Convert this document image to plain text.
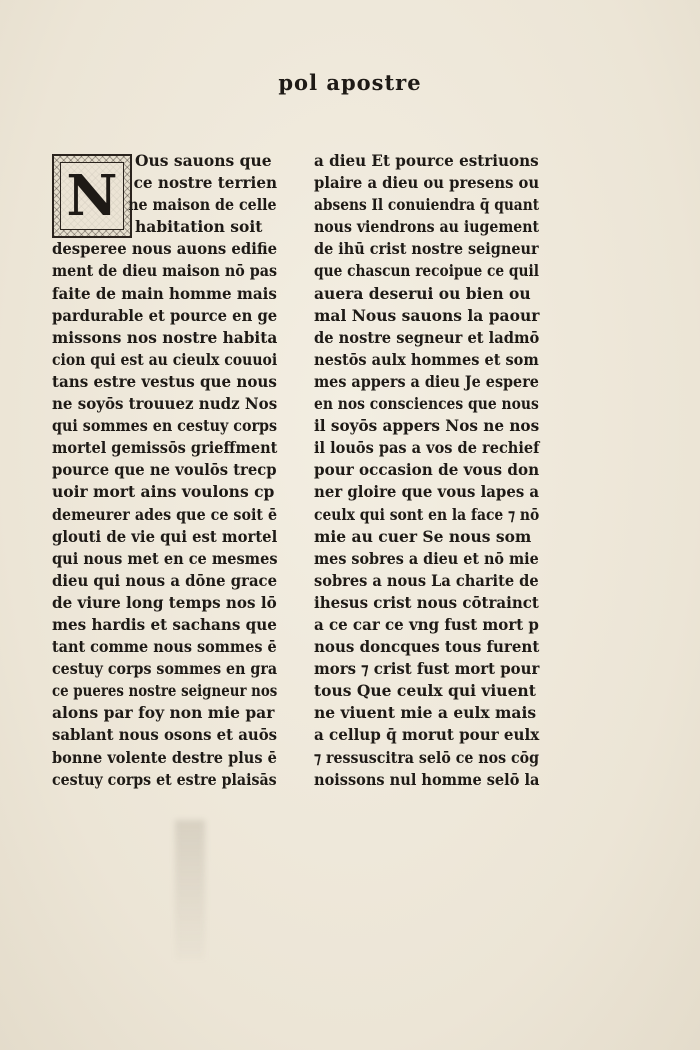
pol apostre
N
Ous sauons que
ce nostre terrien
ne maison de celle
habitation soit
desperee nous auons edifie
ment de dieu maison nō pas
faite de main homme mais
pardurable et pource en ge
missons nos nostre habita
cion qui est au cieulx couuoi
tans estre vestus que nous
ne soyōs trouuez nudz Nos
qui sommes en cestuy corps
mortel gemissōs grieffment
pource que ne voulōs trecp
uoir mort ains voulons cp
demeurer ades que ce soit ē
glouti de vie qui est mortel
qui nous met en ce mesmes
dieu qui nous a dōne grace
de viure long temps nos lō
mes hardis et sachans que
tant comme nous sommes ē
cestuy corps sommes en gra
ce pueres nostre seigneur nos
alons par foy non mie par
sablant nous osons et auōs
bonne volente destre plus ē
cestuy corps et estre plaisās
a dieu Et pource estriuons
plaire a dieu ou presens ou
absens Il conuiendra q̄ quant
nous viendrons au iugement
de ihū crist nostre seigneur
que chascun recoipue ce quil
auera deserui ou bien ou
mal Nous sauons la paour
de nostre segneur et ladmō
nestōs aulx hommes et som
mes appers a dieu Je espere
en nos consciences que nous
il soyōs appers Nos ne nos
il louōs pas a vos de rechief
pour occasion de vous don
ner gloire que vous lapes a
ceulx qui sont en la face ⁊ nō
mie au cuer Se nous som
mes sobres a dieu et nō mie
sobres a nous La charite de
ihesus crist nous cōtrainct
a ce car ce vng fust mort p
nous doncques tous furent
mors ⁊ crist fust mort pour
tous Que ceulx qui viuent
ne viuent mie a eulx mais
a cellup q̄ morut pour eulx
⁊ ressuscitra selō ce nos cōg
noissons nul homme selō la
